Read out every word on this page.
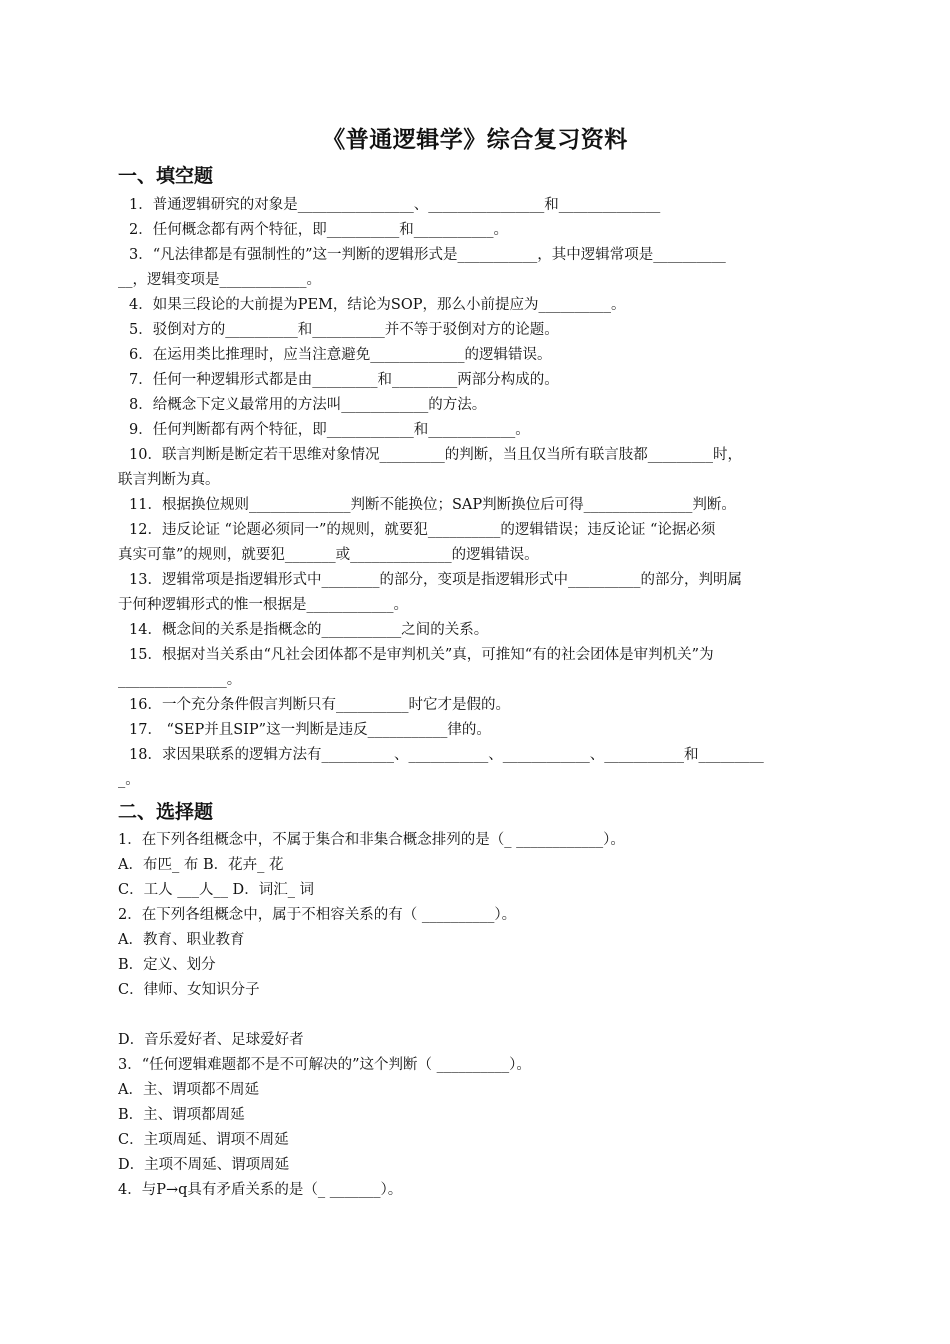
《普通逻辑学》综合复习资料
一、填空题
1．普通逻辑研究的对象是________________、________________和______________
2．任何概念都有两个特征，即__________和___________。
3．“凡法律都是有强制性的”这一判断的逻辑形式是___________，其中逻辑常项是__________
__，逻辑变项是____________。
4．如果三段论的大前提为PEM，结论为SOP，那么小前提应为__________。
5．驳倒对方的__________和__________并不等于驳倒对方的论题。
6．在运用类比推理时，应当注意避免_____________的逻辑错误。
7．任何一种逻辑形式都是由_________和_________两部分构成的。
8．给概念下定义最常用的方法叫____________的方法。
9．任何判断都有两个特征，即____________和____________。
10．联言判断是断定若干思维对象情况_________的判断，当且仅当所有联言肢都_________时，
联言判断为真。
11．根据换位规则______________判断不能换位；SAP判断换位后可得_______________判断。
12．违反论证 “论题必须同一”的规则，就要犯__________的逻辑错误；违反论证 “论据必须
真实可靠”的规则，就要犯_______或______________的逻辑错误。
13．逻辑常项是指逻辑形式中________的部分，变项是指逻辑形式中__________的部分，判明属
于何种逻辑形式的惟一根据是____________。
14．概念间的关系是指概念的___________之间的关系。
15．根据对当关系由“凡社会团体都不是审判机关”真，可推知“有的社会团体是审判机关”为
_______________。
16．一个充分条件假言判断只有__________时它才是假的。
17． “SEP并且SIP”这一判断是违反___________律的。
18．求因果联系的逻辑方法有__________、___________、____________、___________和_________
_。
二、选择题
1．在下列各组概念中，不属于集合和非集合概念排列的是（_ ____________）。
A．布匹_ 布 B．花卉_ 花
C．工人 ___人__ D．词汇_ 词
2．在下列各组概念中，属于不相容关系的有（ __________）。
A．教育、职业教育
B．定义、划分
C．律师、女知识分子
D．音乐爱好者、足球爱好者
3．“任何逻辑难题都不是不可解决的”这个判断（ __________）。
A．主、谓项都不周延
B．主、谓项都周延
C．主项周延、谓项不周延
D．主项不周延、谓项周延
4．与P→q具有矛盾关系的是（_ _______）。
